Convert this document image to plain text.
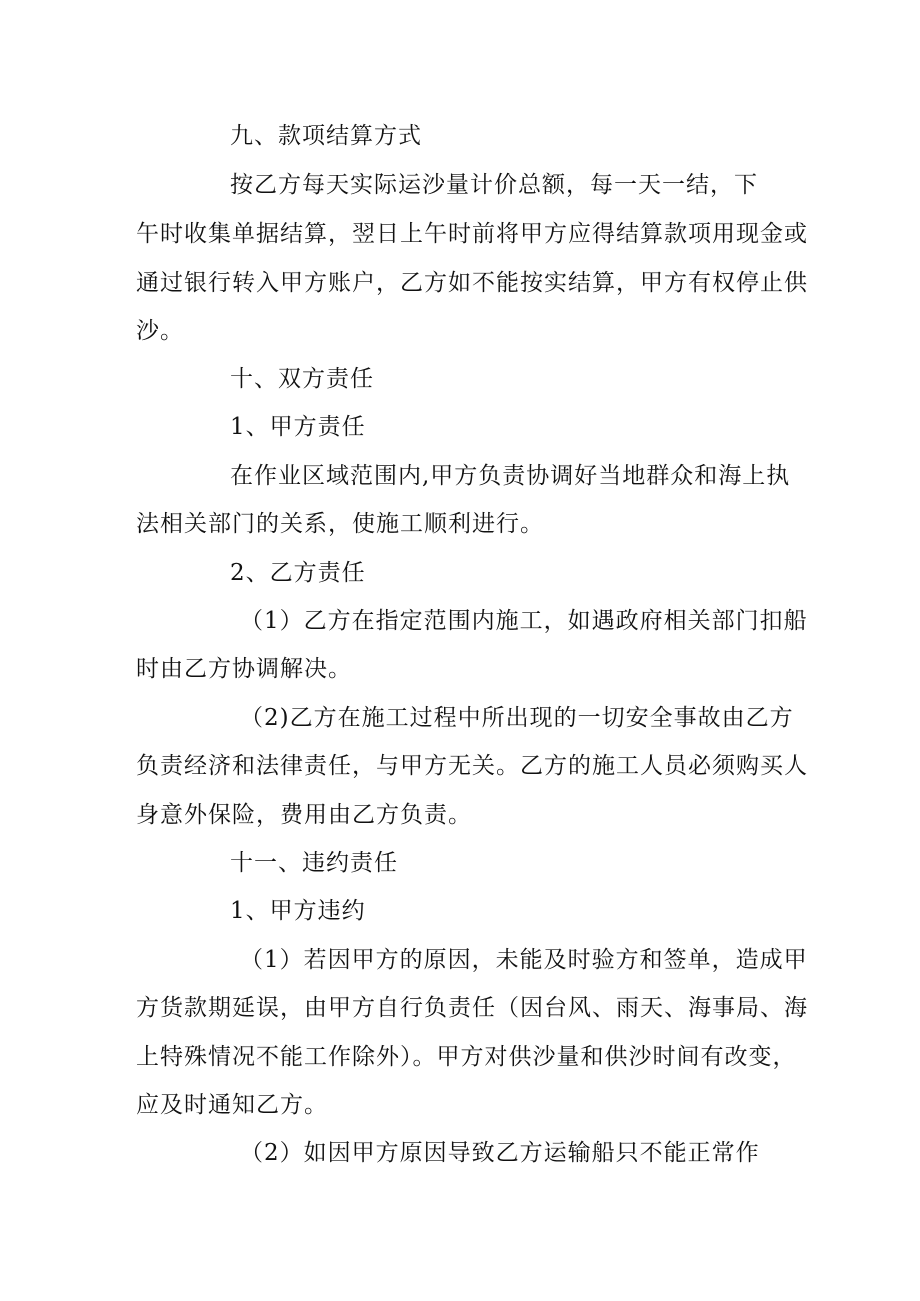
九、款项结算方式
按乙方每天实际运沙量计价总额，每一天一结，下
午时收集单据结算，翌日上午时前将甲方应得结算款项用现金或
通过银行转入甲方账户，乙方如不能按实结算，甲方有权停止供
沙。
十、双方责任
1、甲方责任
在作业区域范围内,甲方负责协调好当地群众和海上执
法相关部门的关系，使施工顺利进行。
2、乙方责任
（1）乙方在指定范围内施工，如遇政府相关部门扣船
时由乙方协调解决。
（2)乙方在施工过程中所出现的一切安全事故由乙方
负责经济和法律责任，与甲方无关。乙方的施工人员必须购买人
身意外保险，费用由乙方负责。
十一、违约责任
1、甲方违约
（1）若因甲方的原因，未能及时验方和签单，造成甲
方货款期延误，由甲方自行负责任（因台风、雨天、海事局、海
上特殊情况不能工作除外）。甲方对供沙量和供沙时间有改变，
应及时通知乙方。
（2）如因甲方原因导致乙方运输船只不能正常作
